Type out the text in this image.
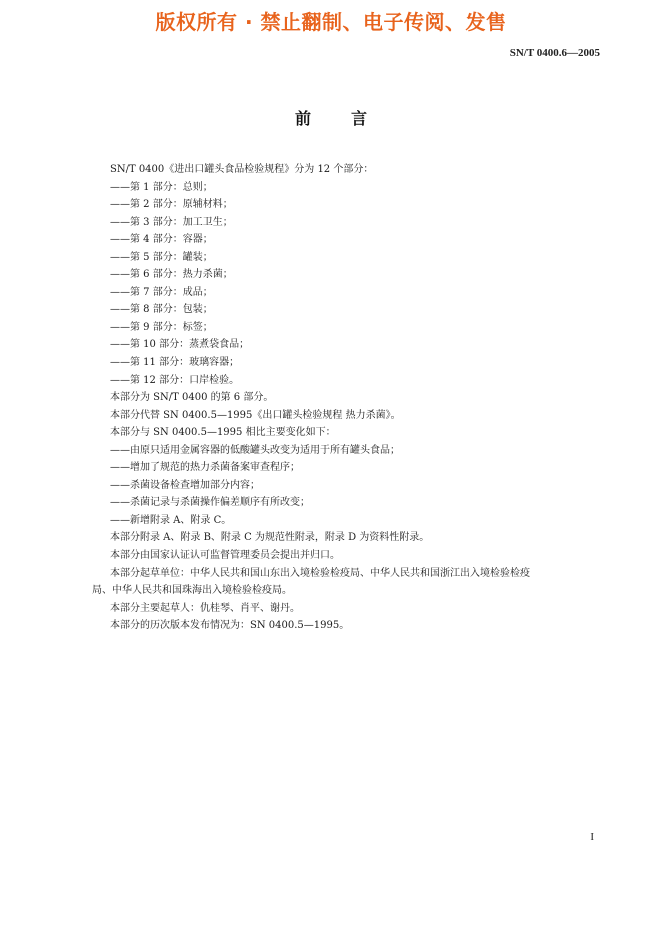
版权所有 · 禁止翻制、电子传阅、发售
SN/T 0400.6—2005
前言
SN/T 0400《进出口罐头食品检验规程》分为 12 个部分：
——第 1 部分：总则；
——第 2 部分：原辅材料；
——第 3 部分：加工卫生；
——第 4 部分：容器；
——第 5 部分：罐装；
——第 6 部分：热力杀菌；
——第 7 部分：成品；
——第 8 部分：包装；
——第 9 部分：标签；
——第 10 部分：蒸煮袋食品；
——第 11 部分：玻璃容器；
——第 12 部分：口岸检验。
本部分为 SN/T 0400 的第 6 部分。
本部分代替 SN 0400.5—1995《出口罐头检验规程 热力杀菌》。
本部分与 SN 0400.5—1995 相比主要变化如下：
——由原只适用金属容器的低酸罐头改变为适用于所有罐头食品；
——增加了规范的热力杀菌备案审查程序；
——杀菌设备检查增加部分内容；
——杀菌记录与杀菌操作偏差顺序有所改变；
——新增附录 A、附录 C。
本部分附录 A、附录 B、附录 C 为规范性附录，附录 D 为资料性附录。
本部分由国家认证认可监督管理委员会提出并归口。
本部分起草单位：中华人民共和国山东出入境检验检疫局、中华人民共和国浙江出入境检验检疫
局、中华人民共和国珠海出入境检验检疫局。
本部分主要起草人：仇桂琴、肖平、谢丹。
本部分的历次版本发布情况为：SN 0400.5—1995。
I
